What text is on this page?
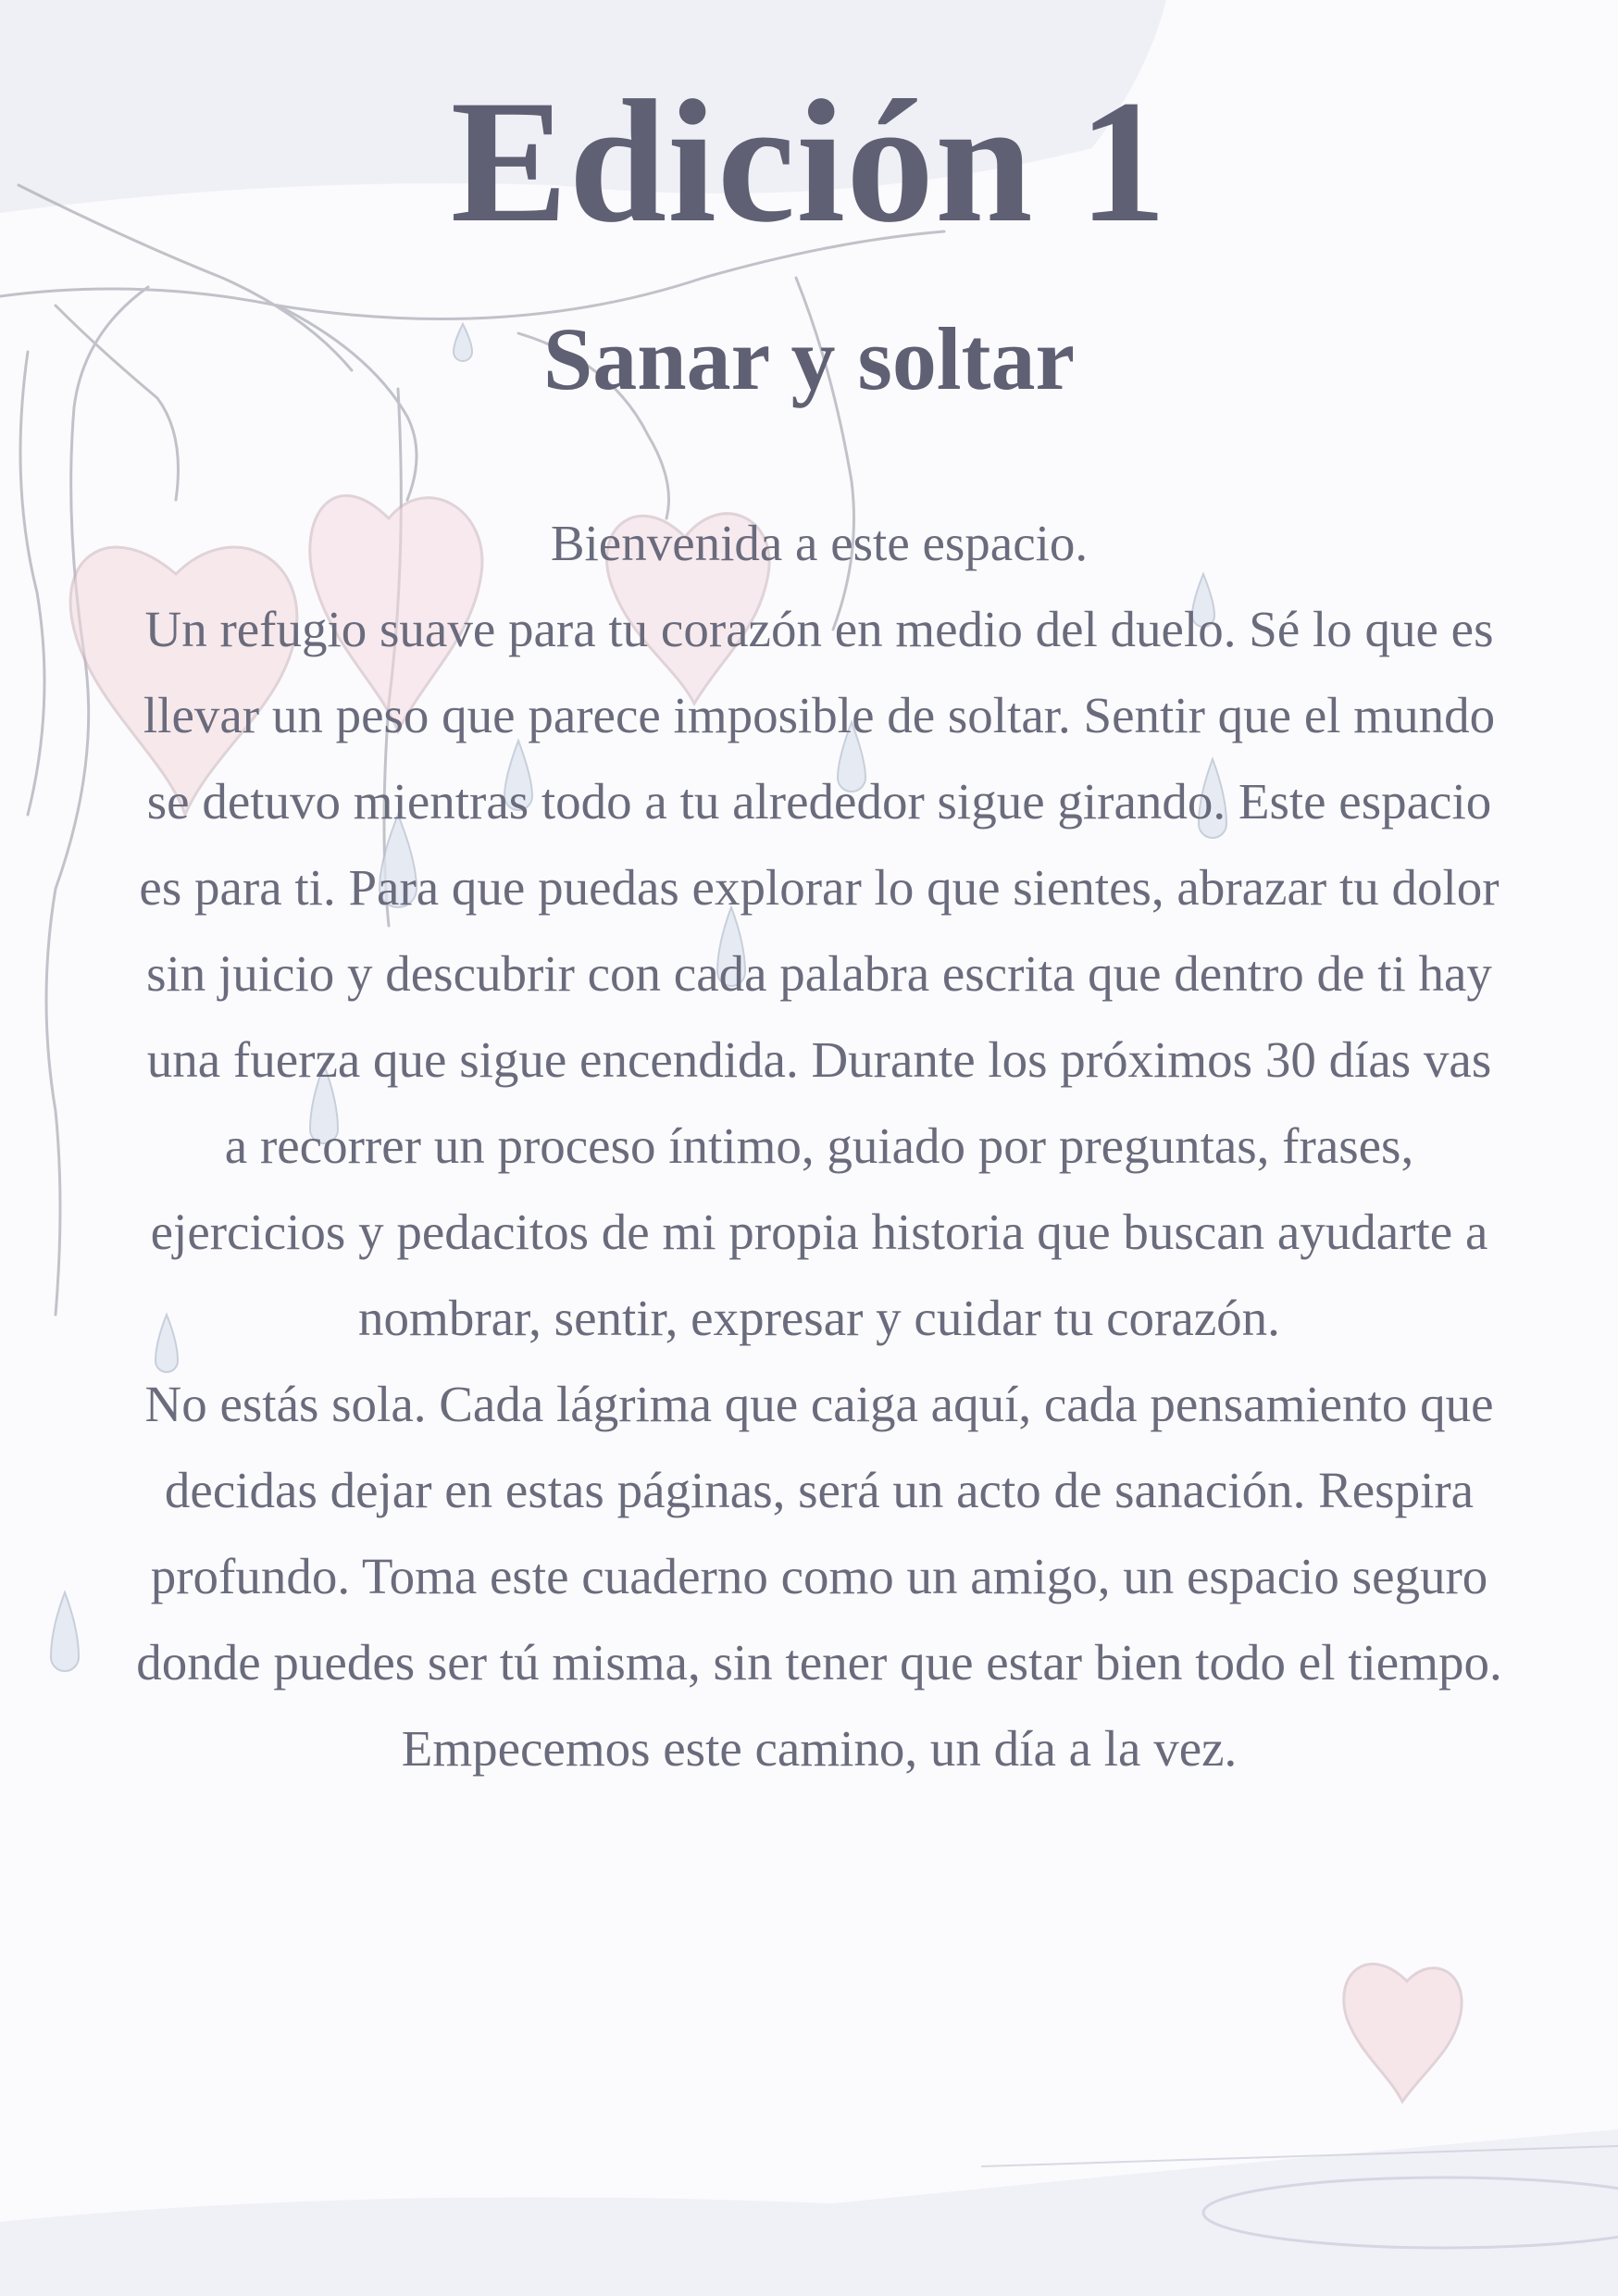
Edición 1
Sanar y soltar

Bienvenida a este espacio.

Un refugio suave para tu corazón en medio del duelo. Sé lo que es llevar un peso que parece imposible de soltar. Sentir que el mundo se detuvo mientras todo a tu alrededor sigue girando. Este espacio es para ti. Para que puedas explorar lo que sientes, abrazar tu dolor sin juicio y descubrir con cada palabra escrita que dentro de ti hay una fuerza que sigue encendida. Durante los próximos 30 días vas a recorrer un proceso íntimo, guiado por preguntas, frases, ejercicios y pedacitos de mi propia historia que buscan ayudarte a nombrar, sentir, expresar y cuidar tu corazón.

No estás sola. Cada lágrima que caiga aquí, cada pensamiento que decidas dejar en estas páginas, será un acto de sanación. Respira profundo. Toma este cuaderno como un amigo, un espacio seguro donde puedes ser tú misma, sin tener que estar bien todo el tiempo. Empecemos este camino, un día a la vez.
